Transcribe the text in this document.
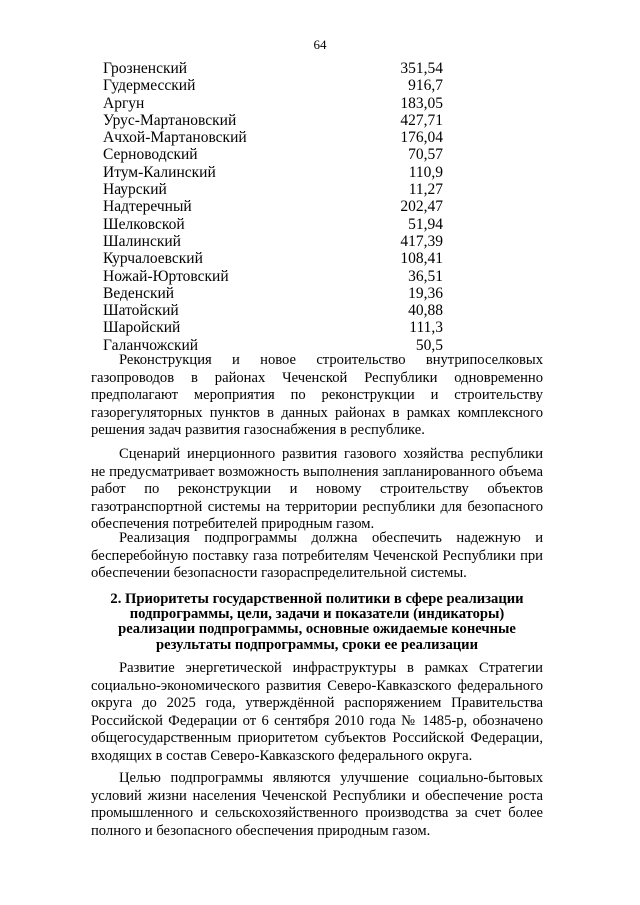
64
Грозненский	351,54
Гудермесский	916,7
Аргун	183,05
Урус-Мартановский	427,71
Ачхой-Мартановский	176,04
Серноводский	70,57
Итум-Калинский	110,9
Наурский	11,27
Надтеречный	202,47
Шелковской	51,94
Шалинский	417,39
Курчалоевский	108,41
Ножай-Юртовский	36,51
Веденский	19,36
Шатойский	40,88
Шаройский	111,3
Галанчожский	50,5

Реконструкция и новое строительство внутрипоселковых газопроводов в районах Чеченской Республики одновременно предполагают мероприятия по реконструкции и строительству газорегуляторных пунктов в данных районах в рамках комплексного решения задач развития газоснабжения в республике.

Сценарий инерционного развития газового хозяйства республики не предусматривает возможность выполнения запланированного объема работ по реконструкции и новому строительству объектов газотранспортной системы на территории республики для безопасного обеспечения потребителей природным газом.

Реализация подпрограммы должна обеспечить надежную и бесперебойную поставку газа потребителям Чеченской Республики при обеспечении безопасности газораспределительной системы.

2. Приоритеты государственной политики в сфере реализации подпрограммы, цели, задачи и показатели (индикаторы) реализации подпрограммы, основные ожидаемые конечные результаты подпрограммы, сроки ее реализации

Развитие энергетической инфраструктуры в рамках Стратегии социально-экономического развития Северо-Кавказского федерального округа до 2025 года, утверждённой распоряжением Правительства Российской Федерации от 6 сентября 2010 года № 1485-р, обозначено общегосударственным приоритетом субъектов Российской Федерации, входящих в состав Северо-Кавказского федерального округа.

Целью подпрограммы являются улучшение социально-бытовых условий жизни населения Чеченской Республики и обеспечение роста промышленного и сельскохозяйственного производства за счет более полного и безопасного обеспечения природным газом.
